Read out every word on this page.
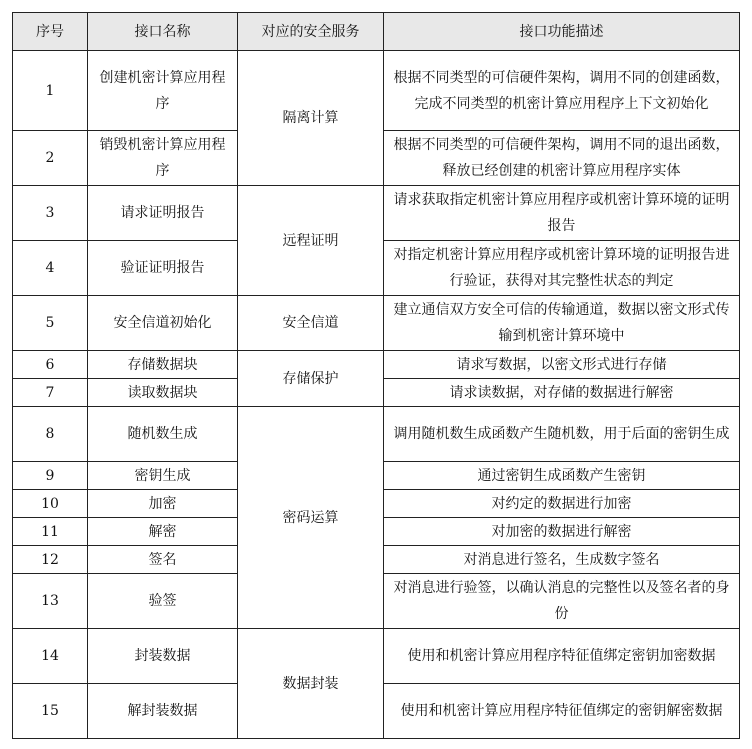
序号	接口名称	对应的安全服务	接口功能描述
1	创建机密计算应用程序	隔离计算	根据不同类型的可信硬件架构，调用不同的创建函数，完成不同类型的机密计算应用程序上下文初始化
2	销毁机密计算应用程序		根据不同类型的可信硬件架构，调用不同的退出函数，释放已经创建的机密计算应用程序实体
3	请求证明报告	远程证明	请求获取指定机密计算应用程序或机密计算环境的证明报告
4	验证证明报告		对指定机密计算应用程序或机密计算环境的证明报告进行验证，获得对其完整性状态的判定
5	安全信道初始化	安全信道	建立通信双方安全可信的传输通道，数据以密文形式传输到机密计算环境中
6	存储数据块	存储保护	请求写数据，以密文形式进行存储
7	读取数据块		请求读数据，对存储的数据进行解密
8	随机数生成	密码运算	调用随机数生成函数产生随机数，用于后面的密钥生成
9	密钥生成		通过密钥生成函数产生密钥
10	加密		对约定的数据进行加密
11	解密		对加密的数据进行解密
12	签名		对消息进行签名，生成数字签名
13	验签		对消息进行验签，以确认消息的完整性以及签名者的身份
14	封装数据	数据封装	使用和机密计算应用程序特征值绑定密钥加密数据
15	解封装数据		使用和机密计算应用程序特征值绑定的密钥解密数据
